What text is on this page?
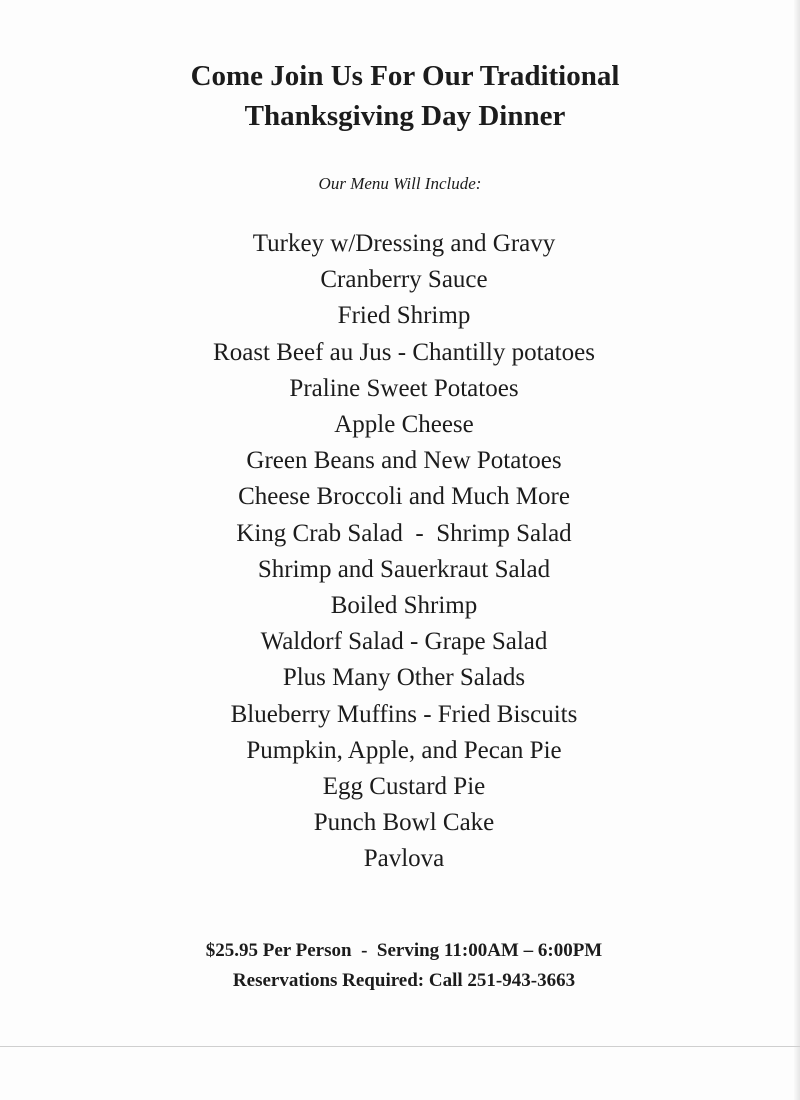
Come Join Us For Our Traditional
Thanksgiving Day Dinner
Our Menu Will Include:
Turkey w/Dressing and Gravy
Cranberry Sauce
Fried Shrimp
Roast Beef au Jus - Chantilly potatoes
Praline Sweet Potatoes
Apple Cheese
Green Beans and New Potatoes
Cheese Broccoli and Much More
King Crab Salad  -  Shrimp Salad
Shrimp and Sauerkraut Salad
Boiled Shrimp
Waldorf Salad - Grape Salad
Plus Many Other Salads
Blueberry Muffins - Fried Biscuits
Pumpkin, Apple, and Pecan Pie
Egg Custard Pie
Punch Bowl Cake
Pavlova
$25.95 Per Person  -  Serving 11:00AM – 6:00PM
Reservations Required: Call 251-943-3663
